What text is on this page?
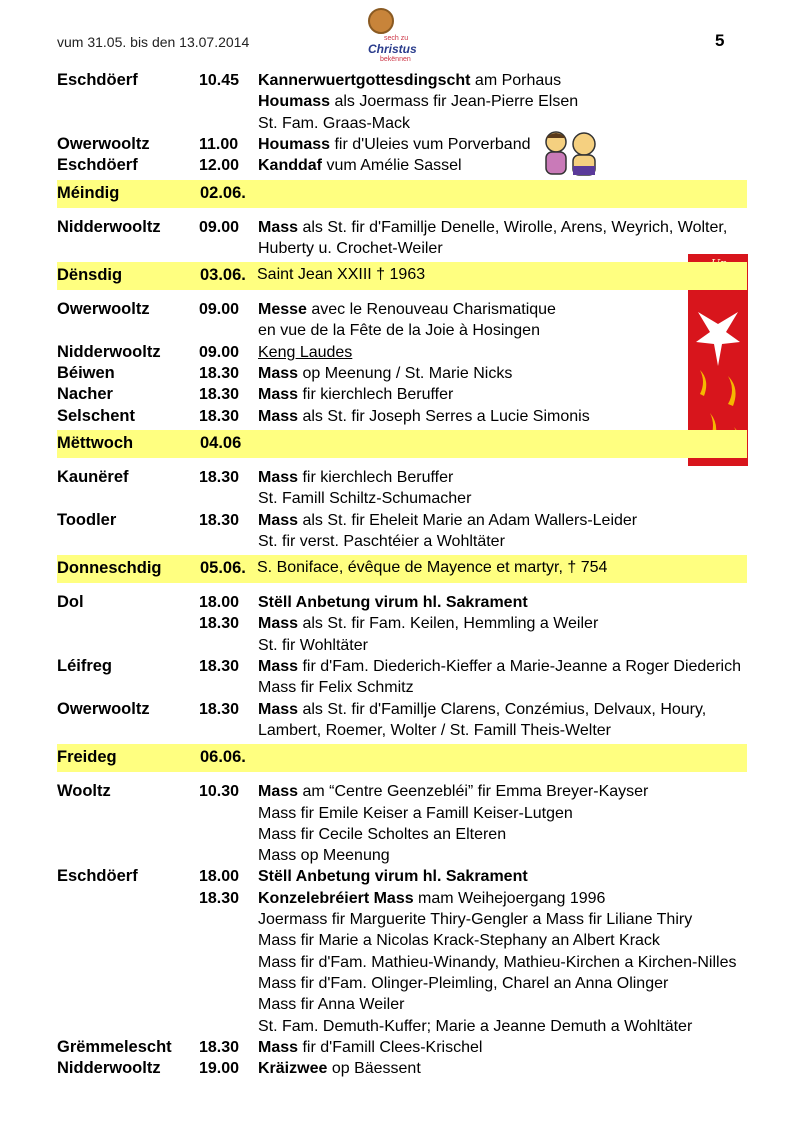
vum 31.05. bis den 13.07.2014	5
sech zu
Christus
bekënnen
Eschdöerf	10.45 Kannerwuertgottesdingscht am Porhaus
Houmass als Joermass fir Jean-Pierre Elsen
St. Fam. Graas-Mack
Owerwooltz	11.00 Houmass fir d'Uleies vum Porverband
Eschdöerf	12.00 Kanddaf vum Amélie Sassel
Méindig	02.06.
Nidderwooltz 09.00 Mass als St. fir d'Famillje Denelle, Wirolle, Arens, Weyrich, Wolter,
Huberty u. Crochet-Weiler
Dënsdig	03.06. Saint Jean XXIII † 1963
Owerwooltz	09.00 Messe avec le Renouveau Charismatique
en vue de la Fête de la Joie à Hosingen
Nidderwooltz 09.00 Keng Laudes
Béiwen	18.30 Mass op Meenung / St. Marie Nicks
Nacher	18.30 Mass fir kierchlech Beruffer
Selschent	18.30 Mass als St. fir Joseph Serres a Lucie Simonis
Mëttwoch	04.06
Kaunëref	18.30 Mass fir kierchlech Beruffer
St. Famill Schiltz-Schumacher
Toodler	18.30 Mass als St. fir Eheleit Marie an Adam Wallers-Leider
St. fir verst. Paschtéier a Wohltäter
Donneschdig 05.06. S. Boniface, évêque de Mayence et martyr, † 754
Dol	18.00 Stëll Anbetung virum hl. Sakrament
18.30 Mass als St. fir Fam. Keilen, Hemmling a Weiler
St. fir Wohltäter
Léifreg	18.30 Mass fir d'Fam. Diederich-Kieffer a Marie-Jeanne a Roger Diederich
Mass fir Felix Schmitz
Owerwooltz	18.30 Mass als St. fir d'Famillje Clarens, Conzémius, Delvaux, Houry,
Lambert, Roemer, Wolter / St. Famill Theis-Welter
Freideg	06.06.
Wooltz	10.30 Mass am “Centre Geenzebléi” fir Emma Breyer-Kayser
Mass fir Emile Keiser a Famill Keiser-Lutgen
Mass fir Cecile Scholtes an Elteren
Mass op Meenung
Eschdöerf	18.00 Stëll Anbetung virum hl. Sakrament
18.30 Konzelebréiert Mass mam Weihejoergang 1996
Joermass fir Marguerite Thiry-Gengler a Mass fir Liliane Thiry
Mass fir Marie a Nicolas Krack-Stephany an Albert Krack
Mass fir d'Fam. Mathieu-Winandy, Mathieu-Kirchen a Kirchen-Nilles
Mass fir d'Fam. Olinger-Pleimling, Charel an Anna Olinger
Mass fir Anna Weiler
St. Fam. Demuth-Kuffer; Marie a Jeanne Demuth a Wohltäter
Grëmmelescht 18.30 Mass fir d'Famill Clees-Krischel
Nidderwooltz 19.00 Kräizwee op Bäessent
